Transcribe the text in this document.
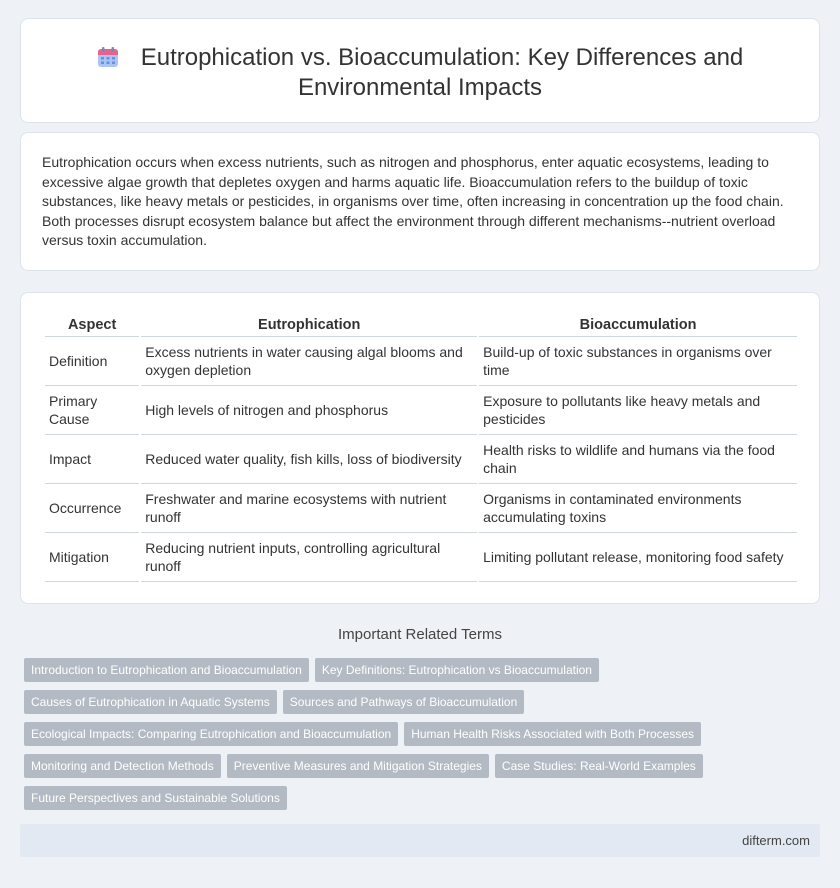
Eutrophication vs. Bioaccumulation: Key Differences and
Environmental Impacts

Eutrophication occurs when excess nutrients, such as nitrogen and phosphorus, enter aquatic ecosystems, leading to excessive algae growth that depletes oxygen and harms aquatic life. Bioaccumulation refers to the buildup of toxic substances, like heavy metals or pesticides, in organisms over time, often increasing in concentration up the food chain. Both processes disrupt ecosystem balance but affect the environment through different mechanisms--nutrient overload versus toxin accumulation.

Aspect	Eutrophication	Bioaccumulation
Definition	Excess nutrients in water causing algal blooms and oxygen depletion	Build-up of toxic substances in organisms over time
Primary Cause	High levels of nitrogen and phosphorus	Exposure to pollutants like heavy metals and pesticides
Impact	Reduced water quality, fish kills, loss of biodiversity	Health risks to wildlife and humans via the food chain
Occurrence	Freshwater and marine ecosystems with nutrient runoff	Organisms in contaminated environments accumulating toxins
Mitigation	Reducing nutrient inputs, controlling agricultural runoff	Limiting pollutant release, monitoring food safety
Important Related Terms
Introduction to Eutrophication and Bioaccumulation Key Definitions: Eutrophication vs Bioaccumulation
Causes of Eutrophication in Aquatic Systems Sources and Pathways of Bioaccumulation
Ecological Impacts: Comparing Eutrophication and Bioaccumulation Human Health Risks Associated with Both Processes
Monitoring and Detection Methods Preventive Measures and Mitigation Strategies Case Studies: Real-World Examples
Future Perspectives and Sustainable Solutions
difterm.com
